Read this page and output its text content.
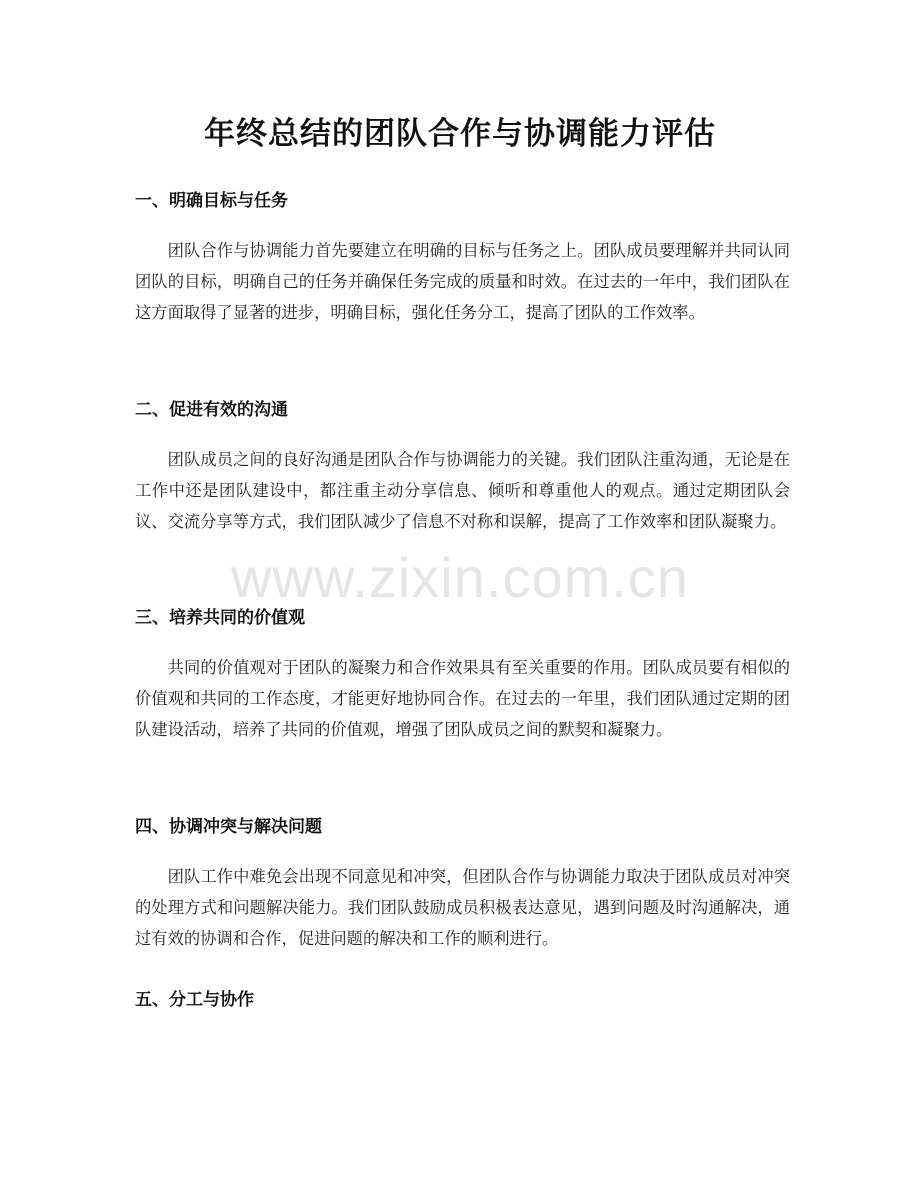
年终总结的团队合作与协调能力评估
一、明确目标与任务

团队合作与协调能力首先要建立在明确的目标与任务之上。团队成员要理解并共同认同团队的目标，明确自己的任务并确保任务完成的质量和时效。在过去的一年中，我们团队在这方面取得了显著的进步，明确目标，强化任务分工，提高了团队的工作效率。

二、促进有效的沟通

团队成员之间的良好沟通是团队合作与协调能力的关键。我们团队注重沟通，无论是在工作中还是团队建设中，都注重主动分享信息、倾听和尊重他人的观点。通过定期团队会议、交流分享等方式，我们团队减少了信息不对称和误解，提高了工作效率和团队凝聚力。

三、培养共同的价值观

共同的价值观对于团队的凝聚力和合作效果具有至关重要的作用。团队成员要有相似的价值观和共同的工作态度，才能更好地协同合作。在过去的一年里，我们团队通过定期的团队建设活动，培养了共同的价值观，增强了团队成员之间的默契和凝聚力。

四、协调冲突与解决问题

团队工作中难免会出现不同意见和冲突，但团队合作与协调能力取决于团队成员对冲突的处理方式和问题解决能力。我们团队鼓励成员积极表达意见，遇到问题及时沟通解决，通过有效的协调和合作，促进问题的解决和工作的顺利进行。

五、分工与协作
www.zixin.com.cn
